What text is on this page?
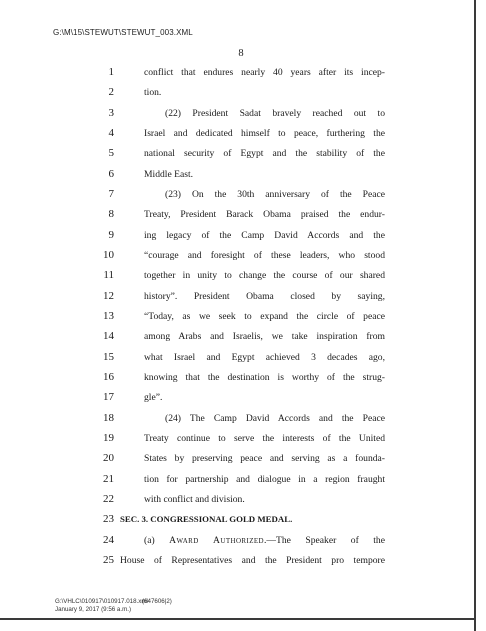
G:\M\15\STEWUT\STEWUT_003.XML
8
1	conflict that endures nearly 40 years after its incep-
2	tion.
3	(22) President Sadat bravely reached out to
4	Israel and dedicated himself to peace, furthering the
5	national security of Egypt and the stability of the
6	Middle East.
7	(23) On the 30th anniversary of the Peace
8	Treaty, President Barack Obama praised the endur-
9	ing legacy of the Camp David Accords and the
10	“courage and foresight of these leaders, who stood
11	together in unity to change the course of our shared
12	history”. President Obama closed by saying,
13	“Today, as we seek to expand the circle of peace
14	among Arabs and Israelis, we take inspiration from
15	what Israel and Egypt achieved 3 decades ago,
16	knowing that the destination is worthy of the strug-
17	gle”.
18	(24) The Camp David Accords and the Peace
19	Treaty continue to serve the interests of the United
20	States by preserving peace and serving as a founda-
21	tion for partnership and dialogue in a region fraught
22	with conflict and division.
23 SEC. 3. CONGRESSIONAL GOLD MEDAL.
24	(a) Award Authorized.—The Speaker of the
25 House of Representatives and the President pro tempore
G:\VHLC\010917\010917.018.xml
(647606|2)
January 9, 2017 (9:56 a.m.)
